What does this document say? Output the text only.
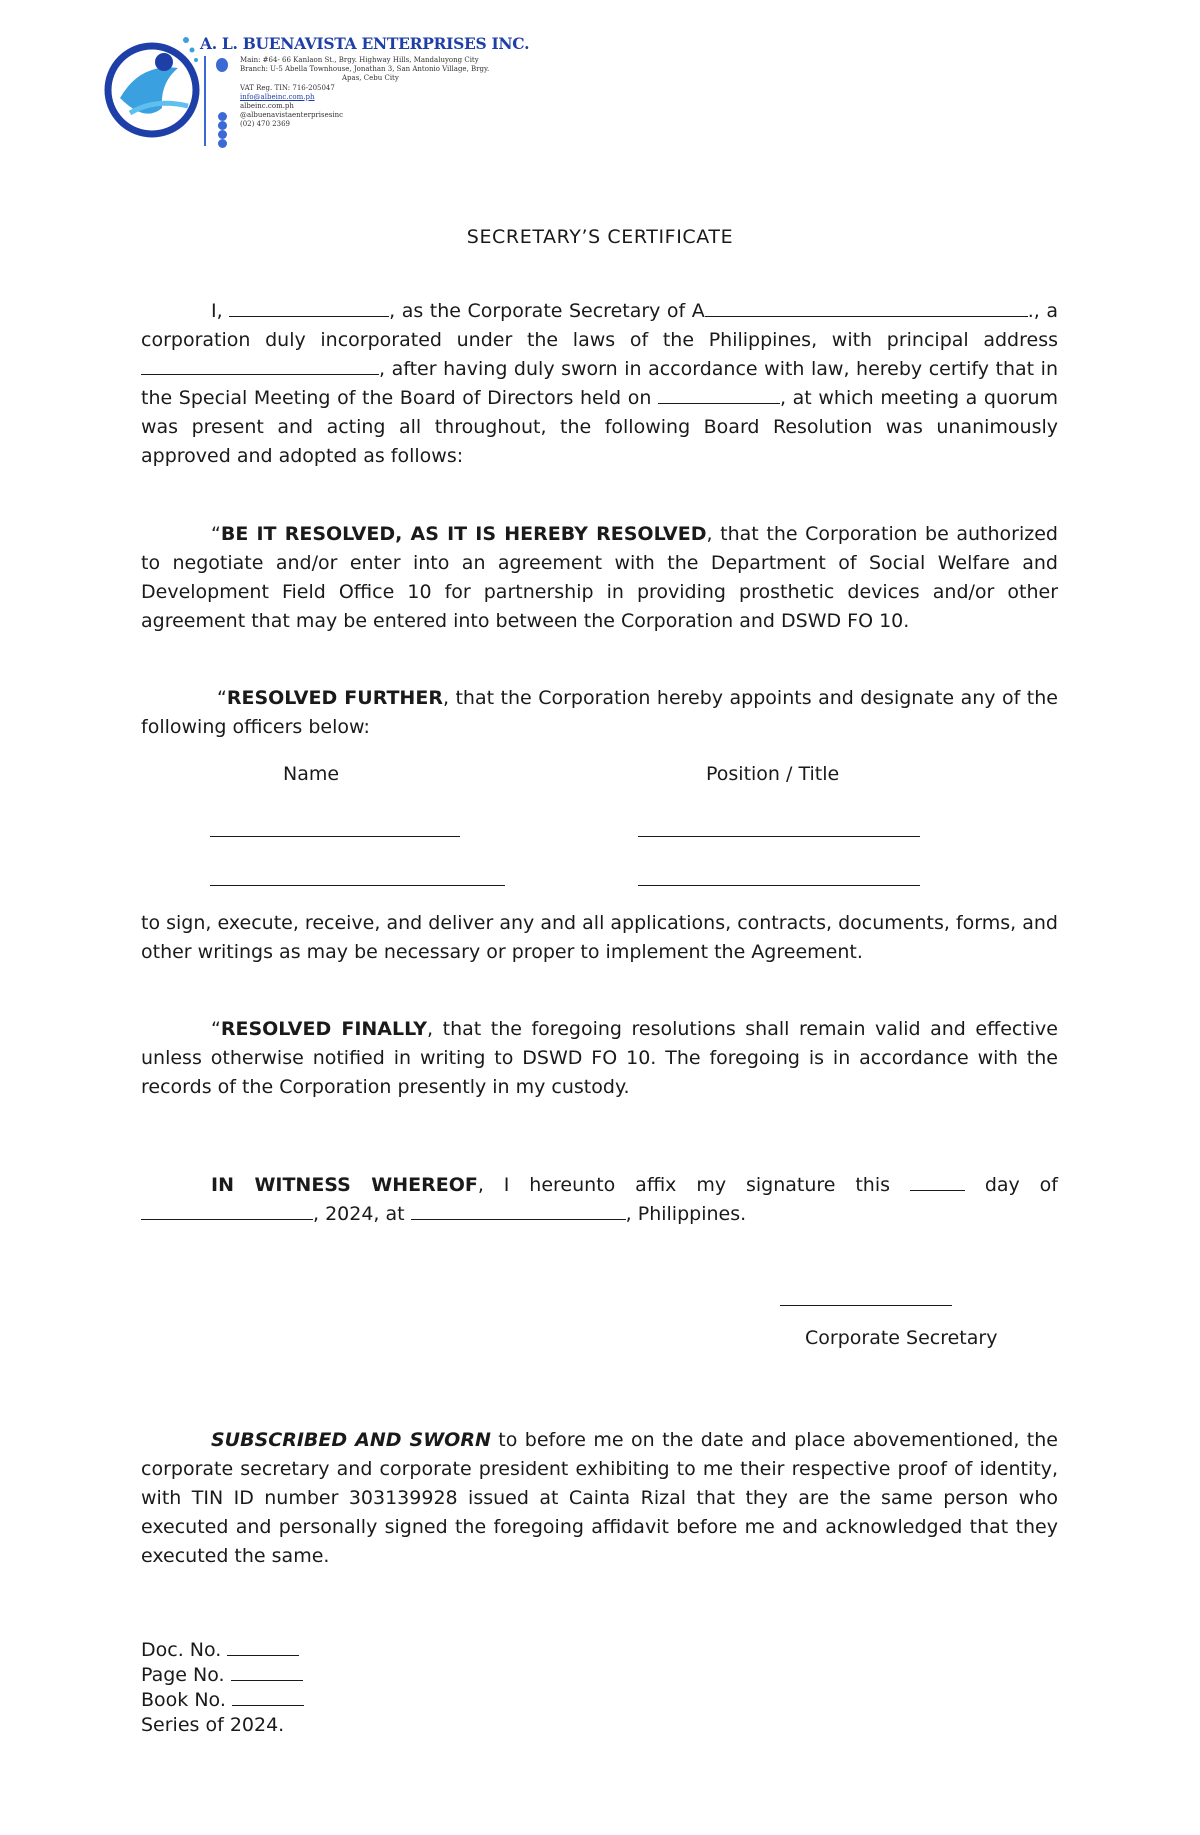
A. L. BUENAVISTA ENTERPRISES INC.
Main: #64- 66 Kanlaon St., Brgy. Highway Hills, Mandaluyong City
Branch: U-5 Abella Townhouse, Jonathan 3, San Antonio Village, Brgy.
Apas, Cebu City
VAT Reg. TIN: 716-205047
info@albeinc.com.ph
albeinc.com.ph
@albuenavistaenterprisesinc
(02) 470 2369
SECRETARY’S CERTIFICATE

I,	, as the Corporate Secretary of A	., a corporation duly incorporated under the laws of the Philippines, with principal address , after having duly sworn in accordance with law, hereby certify that in the Special Meeting of the Board of Directors held on	, at which meeting a quorum was present and acting all throughout, the following Board Resolution was unanimously approved and adopted as follows:

“BE IT RESOLVED, AS IT IS HEREBY RESOLVED, that the Corporation be authorized to negotiate and/or enter into an agreement with the Department of Social Welfare and Development Field Office 10 for partnership in providing prosthetic devices and/or other agreement that may be entered into between the Corporation and DSWD FO 10.

“RESOLVED FURTHER, that the Corporation hereby appoints and designate any of the following officers below:

Name	Position / Title

to sign, execute, receive, and deliver any and all applications, contracts, documents, forms, and other writings as may be necessary or proper to implement the Agreement.

“RESOLVED FINALLY, that the foregoing resolutions shall remain valid and effective unless otherwise notified in writing to DSWD FO 10. The foregoing is in accordance with the records of the Corporation presently in my custody.

IN WITNESS WHEREOF, I hereunto affix my signature this	day of, 2024, at	, Philippines.

Corporate Secretary

SUBSCRIBED AND SWORN to before me on the date and place abovementioned, the corporate secretary and corporate president exhibiting to me their respective proof of identity, with TIN ID number 303139928 issued at Cainta Rizal that they are the same person who executed and personally signed the foregoing affidavit before me and acknowledged that they executed the same.

Doc. No.
Page No.
Book No.
Series of 2024.
